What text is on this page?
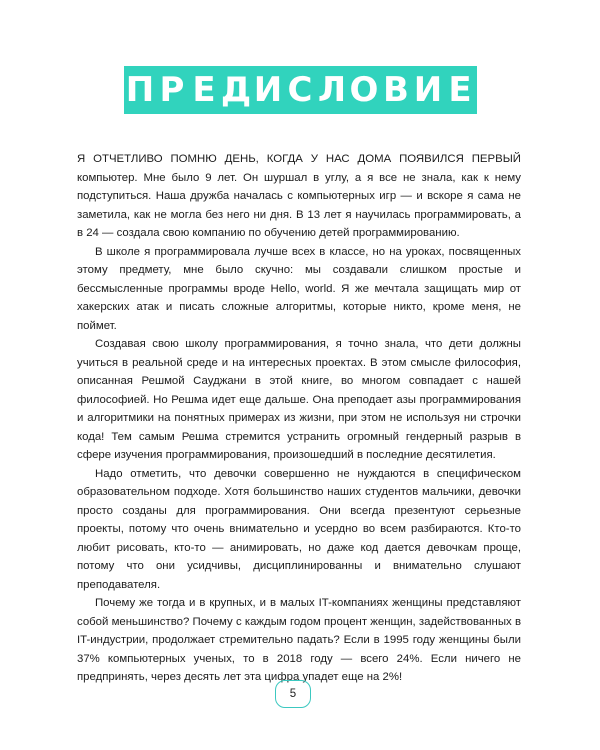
П Р Е Д И С Л О В И Е

Я ОТЧЕТЛИВО ПОМНЮ ДЕНЬ, КОГДА У НАС ДОМА ПОЯВИЛСЯ ПЕРВЫЙ компьютер. Мне было 9 лет. Он шуршал в углу, а я все не знала, как к нему подступиться. Наша дружба началась с компьютерных игр — и вскоре я сама не заметила, как не могла без него ни дня. В 13 лет я научилась программировать, а в 24 — создала свою компанию по обучению детей программированию.

В школе я программировала лучше всех в классе, но на уроках, посвященных этому предмету, мне было скучно: мы создавали слишком простые и бессмысленные программы вроде Hello, world. Я же мечтала защищать мир от хакерских атак и писать сложные алгоритмы, которые никто, кроме меня, не поймет.

Создавая свою школу программирования, я точно знала, что дети должны учиться в реальной среде и на интересных проектах. В этом смысле философия, описанная Решмой Сауджани в этой книге, во многом совпадает с нашей философией. Но Решма идет еще дальше. Она преподает азы программирования и алгоритмики на понятных примерах из жизни, при этом не используя ни строчки кода! Тем самым Решма стремится устранить огромный гендерный разрыв в сфере изучения программирования, произошедший в последние десятилетия.

Надо отметить, что девочки совершенно не нуждаются в специфическом образовательном подходе. Хотя большинство наших студентов мальчики, девочки просто созданы для программирования. Они всегда презентуют серьезные проекты, потому что очень внимательно и усердно во всем разбираются. Кто-то любит рисовать, кто-то — анимировать, но даже код дается девочкам проще, потому что они усидчивы, дисциплинированны и внимательно слушают преподавателя.

Почему же тогда и в крупных, и в малых IT-компаниях женщины представляют собой меньшинство? Почему с каждым годом процент женщин, задействованных в IT-индустрии, продолжает стремительно падать? Если в 1995 году женщины были 37% компьютерных ученых, то в 2018 году — всего 24%. Если ничего не предпринять, через десять лет эта цифра упадет еще на 2%!

5
